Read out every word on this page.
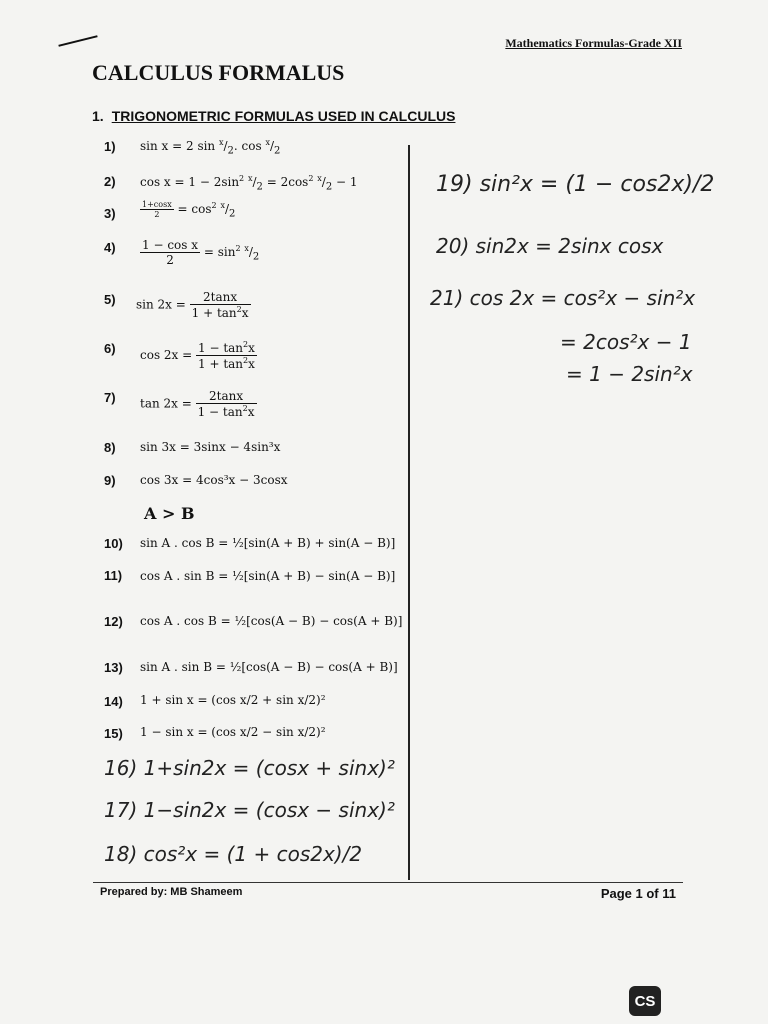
Mathematics Formulas-Grade XII
CALCULUS FORMALUS
1. TRIGONOMETRIC FORMULAS USED IN CALCULUS
1) sin x = 2 $\sin ^x/_2$. $\cos ^x/_2$
2) $\cos x = 1 - 2\sin^2$ $^x/_2 = 2\cos^2$ $^x/_2 - 1$
3)	$\frac{1+\cos x}{2} = \cos^2 ^x/_2$
$4) \frac{\text{1 − cos x}}{2} = \sin^2 ^x/_2$
5) $\sin 2x = \frac{2\tan x}{1 + \tan^2x}$
6) $\cos 2x = \frac{1 - \tan^2x}{1 + \tan^2x}$
7) $\tan 2x = \frac{2\tan x}{1 - \tan^2x}$
8) sin 3x = 3sinx − 4sin³x
9) cos 3x = 4cos³x − 3cosx
A > B
10) sin A . cos B = ½[sin(A + B) + sin(A − B)]
11) cos A . sin B = ½[sin(A + B) − sin(A − B)]
12) cos A . cos B = ½[cos(A − B) − cos(A + B)]
13) sin A . sin B = ½[cos(A − B) − cos(A + B)]
14) 1 + sin x = (cos x/2 + sin x/2)²
15) 1 − sin x = (cos x/2 − sin x/2)²
16) 1+sin2x = (cosx + sinx)²
17) 1−sin2x = (cosx − sinx)²
18) cos²x = (1 + cos2x)/2
19) sin²x = (1 − cos2x)/2
20) sin2x = 2sinx cosx
21) cos 2x = cos²x − sin²x
= 2cos²x − 1
= 1 − 2sin²x
Prepared by: MB Shameem	Page 1 of 11
CS
